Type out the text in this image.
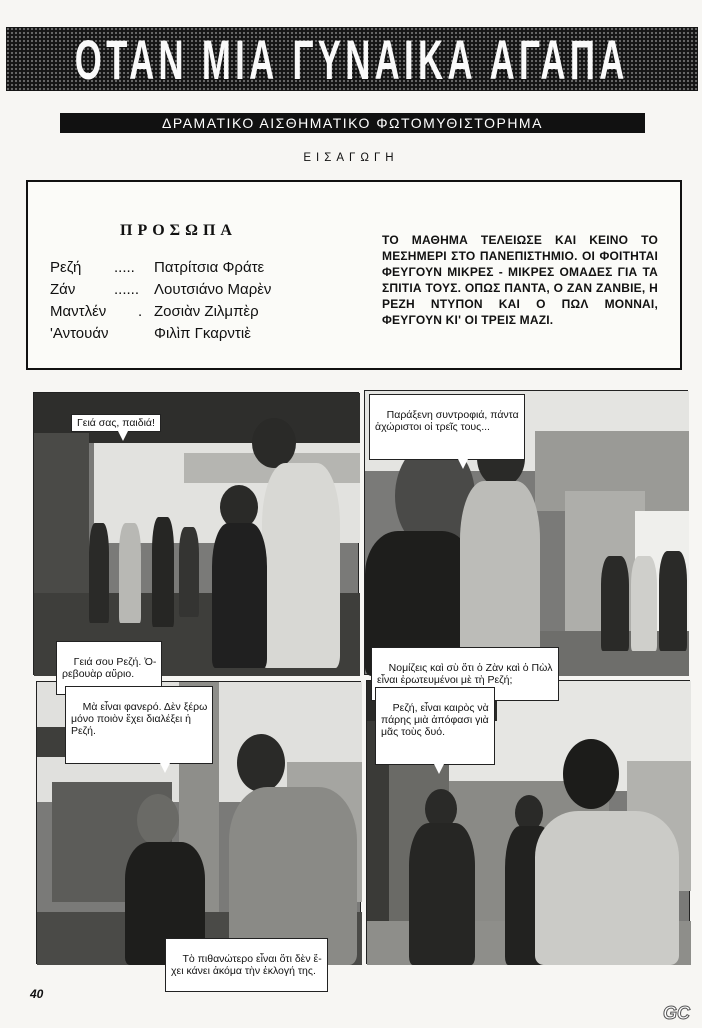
ΟΤΑΝ ΜΙΑ ΓΥΝΑΙΚΑ ΑΓΑΠΑ
ΔΡΑΜΑΤΙΚΟ ΑΙΣΘΗΜΑΤΙΚΟ ΦΩΤΟΜΥΘΙΣΤΟΡΗΜΑ
ΕΙΣΑΓΩΓΗ
ΠΡΟΣΩΠΑ
Ρεζή	.....	Πατρίτσια Φράτε
Ζάν	...... Λουτσιάνο Μαρὲν
Μαντλέν	. Ζοσιὰν Ζιλμπὲρ
'Αντουάν	Φιλὶπ Γκαρντιὲ
ΤΟ ΜΑΘΗΜΑ ΤΕΛΕΙΩΣΕ ΚΑΙ ΚΕΙΝΟ ΤΟ ΜΕΣΗΜΕΡΙ ΣΤΟ ΠΑΝΕΠΙΣΤΗΜΙΟ. ΟΙ ΦΟΙΤΗΤΑΙ ΦΕΥΓΟΥΝ ΜΙΚΡΕΣ - ΜΙΚΡΕΣ ΟΜΑΔΕΣ ΓΙΑ ΤΑ ΣΠΙΤΙΑ ΤΟΥΣ. ΟΠΩΣ ΠΑΝΤΑ, Ο ΖΑΝ ΖΑΝΒΙΕ, Η ΡΕΖΗ ΝΤΥΠΟΝ ΚΑΙ Ο ΠΩΛ ΜΟΝΝΑΙ, ΦΕΥΓΟΥΝ ΚΙ' ΟΙ ΤΡΕΙΣ ΜΑΖΙ.
Γειά σας, παιδιά!

Γειά σου Ρεζή. Ὀ-
ρεβουὰρ αὔριο.

Παράξενη συντροφιά, πάντα
ἀχώριστοι οἱ τρεῖς τους...

Νομίζεις καὶ σὺ ὅτι ὁ Ζὰν καὶ ὁ Πὼλ
εἶναι ἐρωτευμένοι μὲ τὴ Ρεζή;

Μὰ εἶναι φανερό. Δὲν ξέρω
μόνο ποιὸν ἔχει διαλέξει ἡ
Ρεζή.

Τὸ πιθανώτερο εἶναι ὅτι δὲν ἔ-
χει κάνει ἀκόμα τὴν ἐκλογή της.

Ρεζή, εἶναι καιρὸς νὰ
πάρης μιὰ ἀπόφασι γιὰ
μᾶς τοὺς δυό.

40
GC
